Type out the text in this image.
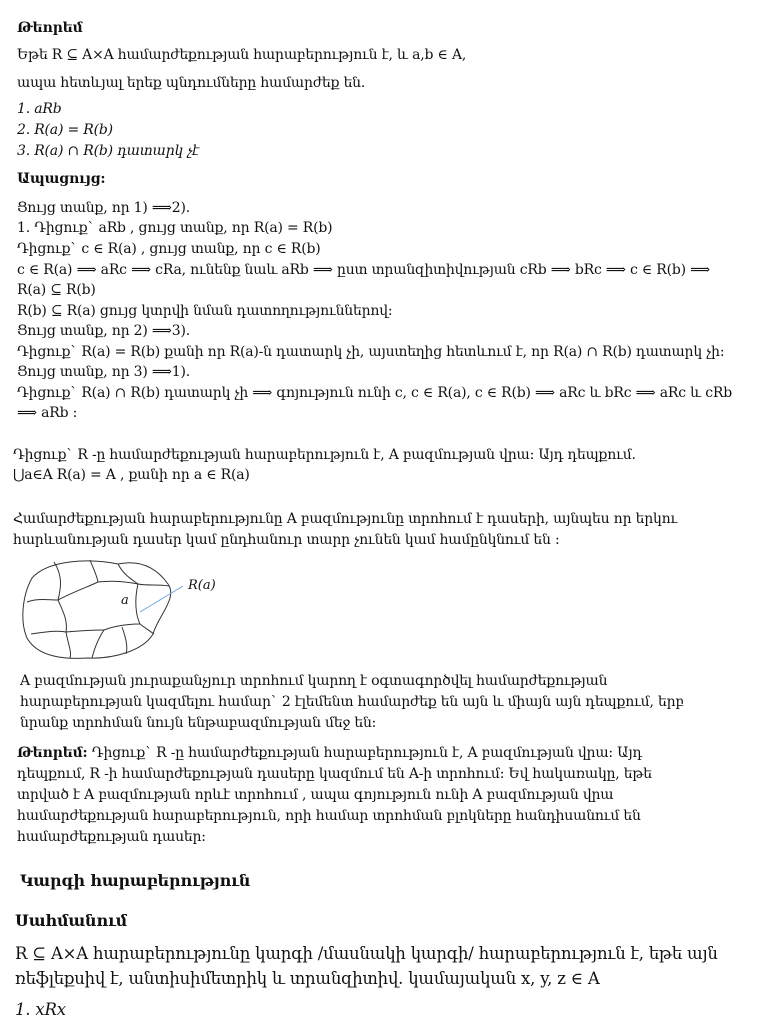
Թեորեմ
Եթե R ⊆ A×A համարժեքության հարաբերություն է, և a,b ∈ A,
ապա հետևյալ երեք պնդումները համարժեք են.
1. aRb
2. R(a) = R(b)
3. R(a) ∩ R(b) դատարկ չէ
Ապացույց:
Ցույց տանք, որ 1) ⟹2).
1. Դիցուք` aRb , ցույց տանք, որ R(a) = R(b)
Դիցուք` c ∈ R(a) , ցույց տանք, որ c ∈ R(b)
c ∈ R(a) ⟹ aRc ⟹ cRa, ունենք նաև aRb ⟹ ըստ տրանզիտիվության cRb ⟹ bRc ⟹ c ∈ R(b) ⟹
R(a) ⊆ R(b)
R(b) ⊆ R(a) ցույց կտրվի նման դատողություններով:
Ցույց տանք, որ 2) ⟹3).
Դիցուք` R(a) = R(b) քանի որ R(a)-ն դատարկ չի, այստեղից հետևում է, որ R(a) ∩ R(b) դատարկ չի:
Ցույց տանք, որ 3) ⟹1).
Դիցուք` R(a) ∩ R(b) դատարկ չի ⟹ գոյություն ունի c, c ∈ R(a), c ∈ R(b) ⟹ aRc և bRc ⟹ aRc և cRb
⟹ aRb :
Դիցուք` R -ը համարժեքության հարաբերություն է, A բազմության վրա: Այդ դեպքում.
⋃a∈A R(a) = A , քանի որ a ∈ R(a)
Համարժեքության հարաբերությունը A բազմությունը տրոհում է դասերի, այնպես որ երկու
հարևանության դասեր կամ ընդհանուր տարր չունեն կամ համընկնում են :
a
R(a)
A բազմության յուրաքանչյուր տրոհում կարող է օգտագործվել համարժեքության
հարաբերության կազմելու համար` 2 էլեմենտ համարժեք են այն և միայն այն դեպքում, երբ
նրանք տրոհման նույն ենթաբազմության մեջ են:
Թեորեմ: Դիցուք` R -ը համարժեքության հարաբերություն է, A բազմության վրա: Այդ
դեպքում, R -ի համարժեքության դասերը կազմում են A-ի տրոհում: Եվ հակառակը, եթե
տրված է A բազմության որևէ տրոհում , ապա գոյություն ունի A բազմության վրա
համարժեքության հարաբերություն, որի համար տրոհման բլոկները հանդիսանում են
համարժեքության դասեր:
Կարգի հարաբերություն
Սահմանում
R ⊆ A×A հարաբերությունը կարգի /մասնակի կարգի/ հարաբերություն է, եթե այն
ռեֆլեքսիվ է, անտիսիմետրիկ և տրանզիտիվ. կամայական x, y, z ∈ A
1. xRx
